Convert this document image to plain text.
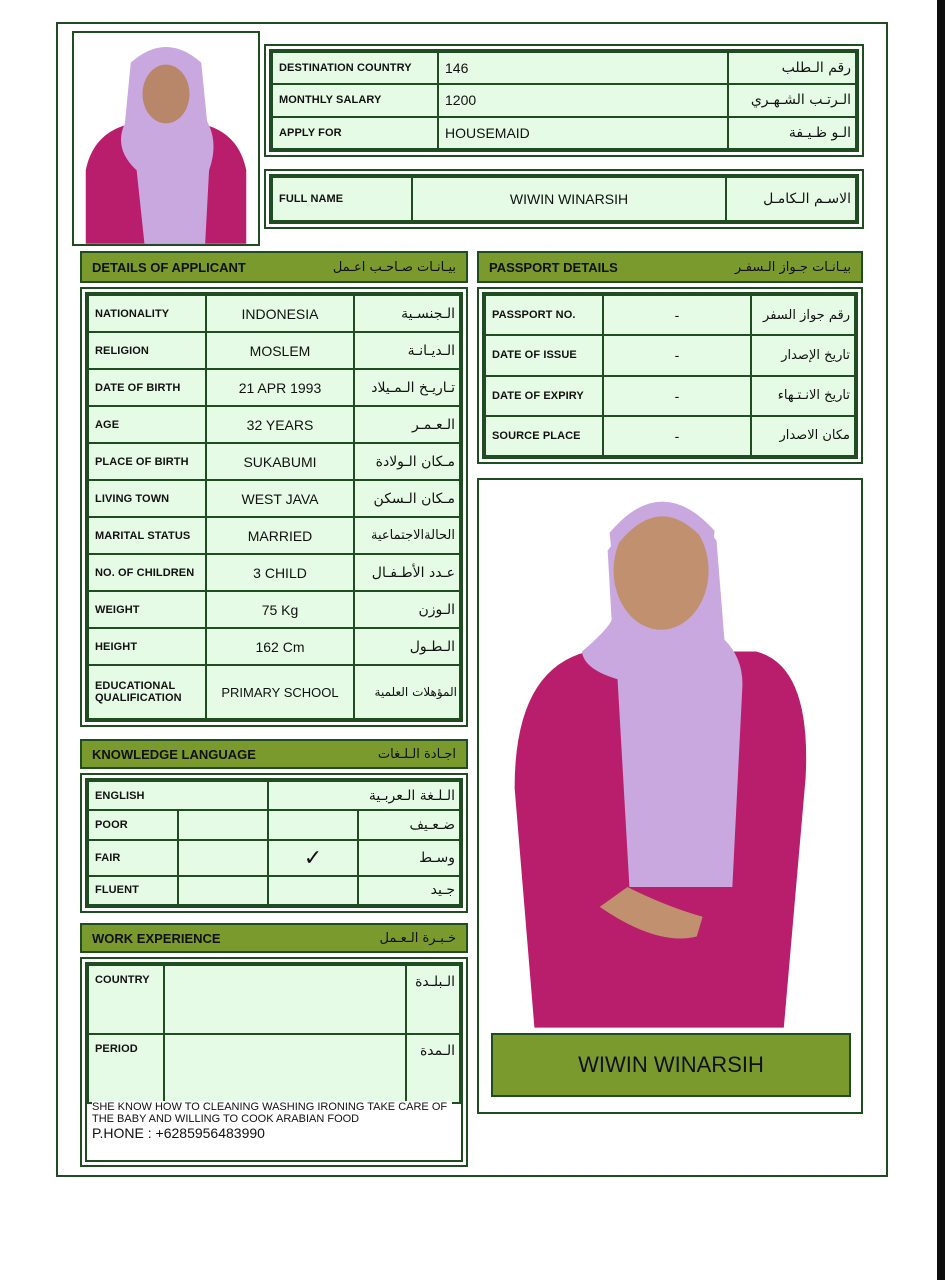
DESTINATION COUNTRY	146	رقم الـطلب
MONTHLY SALARY	1200	الـرتـب الشـهـري
APPLY FOR	HOUSEMAID	الـو ظـيـفة
FULL NAME	WIWIN WINARSIH	الاسـم الـكامـل
DETAILS OF APPLICANT	بيـانـات صـاحـب اعـمل
NATIONALITY	INDONESIA	الـجنسـية
RELIGION	MOSLEM	الـديـانـة
DATE OF BIRTH	21 APR 1993	تـاريـخ الـمـيلاد
AGE	32 YEARS	الـعـمـر
PLACE OF BIRTH	SUKABUMI	مـكان الـولادة
LIVING TOWN	WEST JAVA	مـكان الـسكن
MARITAL STATUS	MARRIED	الحالةالاجتماعية
NO. OF CHILDREN	3 CHILD	عـدد الأطـفـال
WEIGHT	75 Kg	الـوزن
HEIGHT	162 Cm	الـطـول
EDUCATIONAL QUALIFICATION	PRIMARY SCHOOL	المؤهلات العلمية
PASSPORT DETAILS	بيـانـات جـواز الـسفـر
PASSPORT NO.	-	رقم جواز السفر
DATE OF ISSUE	-	تاريخ الإصدار
DATE OF EXPIRY	-	تاريخ الانـتـهاء
SOURCE PLACE	-	مكان الاصدار
WIWIN WINARSIH
KNOWLEDGE LANGUAGE	اجـادة الـلـغات
ENGLISH		الـلـغة الـعربـية	
POOR			ضـعـيف
FAIR		✓	وسـط
FLUENT			جـيد
WORK EXPERIENCE	خـبـرة الـعـمل
COUNTRY		الـبلـدة
PERIOD		الـمدة
SHE KNOW HOW TO CLEANING WASHING IRONING TAKE CARE OF THE BABY AND WILLING TO COOK ARABIAN FOOD
P.HONE : +6285956483990
